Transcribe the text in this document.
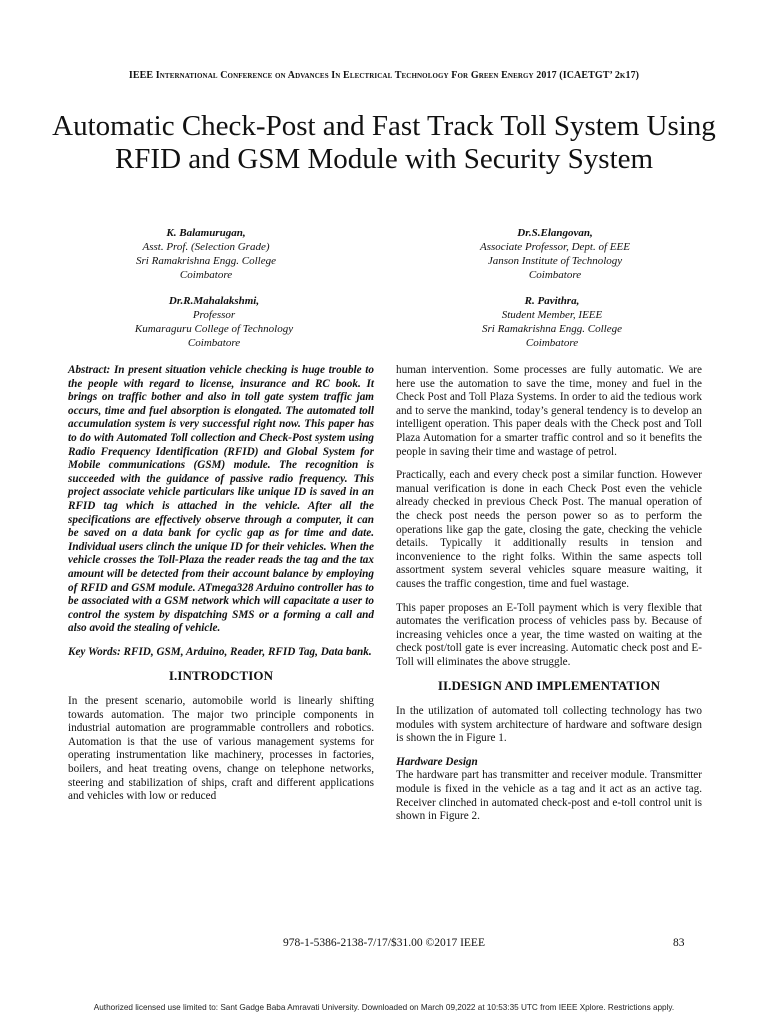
IEEE International Conference on Advances In Electrical Technology For Green Energy 2017 (ICAETGT’ 2k17)
Automatic Check-Post and Fast Track Toll System Using RFID and GSM Module with Security System
K. Balamurugan,
Asst. Prof. (Selection Grade)
Sri Ramakrishna Engg. College
Coimbatore
Dr.S.Elangovan,
Associate Professor, Dept. of EEE
Janson Institute of Technology
Coimbatore
Dr.R.Mahalakshmi,
Professor
Kumaraguru College of Technology
Coimbatore
R. Pavithra,
Student Member, IEEE
Sri Ramakrishna Engg. College
Coimbatore

Abstract: In present situation vehicle checking is huge trouble to the people with regard to license, insurance and RC book. It brings on traffic bother and also in toll gate system traffic jam occurs, time and fuel absorption is elongated. The automated toll accumulation system is very successful right now. This paper has to do with Automated Toll collection and Check-Post system using Radio Frequency Identification (RFID) and Global System for Mobile communications (GSM) module. The recognition is succeeded with the guidance of passive radio frequency. This project associate vehicle particulars like unique ID is saved in an RFID tag which is attached in the vehicle. After all the specifications are effectively observe through a computer, it can be saved on a data bank for cyclic gap as for time and date. Individual users clinch the unique ID for their vehicles. When the vehicle crosses the Toll-Plaza the reader reads the tag and the tax amount will be detected from their account balance by employing of RFID and GSM module. ATmega328 Arduino controller has to be associated with a GSM network which will capacitate a user to control the system by dispatching SMS or a forming a call and also avoid the stealing of vehicle.

Key Words: RFID, GSM, Arduino, Reader, RFID Tag, Data bank.

I.INTRODCTION

In the present scenario, automobile world is linearly shifting towards automation. The major two principle components in industrial automation are programmable controllers and robotics. Automation is that the use of various management systems for operating instrumentation like machinery, processes in factories, boilers, and heat treating ovens, change on telephone networks, steering and stabilization of ships, craft and different applications and vehicles with low or reduced

human intervention. Some processes are fully automatic. We are here use the automation to save the time, money and fuel in the Check Post and Toll Plaza Systems. In order to aid the tedious work and to serve the mankind, today’s general tendency is to develop an intelligent operation. This paper deals with the Check post and Toll Plaza Automation for a smarter traffic control and so it benefits the people in saving their time and wastage of petrol.

Practically, each and every check post a similar function. However manual verification is done in each Check Post even the vehicle already checked in previous Check Post. The manual operation of the check post needs the person power so as to perform the operations like gap the gate, closing the gate, checking the vehicle details. Typically it additionally results in tension and inconvenience to the right folks. Within the same aspects toll assortment system several vehicles square measure waiting, it causes the traffic congestion, time and fuel wastage.

This paper proposes an E-Toll payment which is very flexible that automates the verification process of vehicles pass by. Because of increasing vehicles once a year, the time wasted on waiting at the check post/toll gate is ever increasing. Automatic check post and E-Toll will eliminates the above struggle.

II.DESIGN AND IMPLEMENTATION

In the utilization of automated toll collecting technology has two modules with system architecture of hardware and software design is shown the in Figure 1.

Hardware Design

The hardware part has transmitter and receiver module. Transmitter module is fixed in the vehicle as a tag and it act as an active tag. Receiver clinched in automated check-post and e-toll control unit is shown in Figure 2.

978-1-5386-2138-7/17/$31.00 ©2017 IEEE	83
Authorized licensed use limited to: Sant Gadge Baba Amravati University. Downloaded on March 09,2022 at 10:53:35 UTC from IEEE Xplore. Restrictions apply.
